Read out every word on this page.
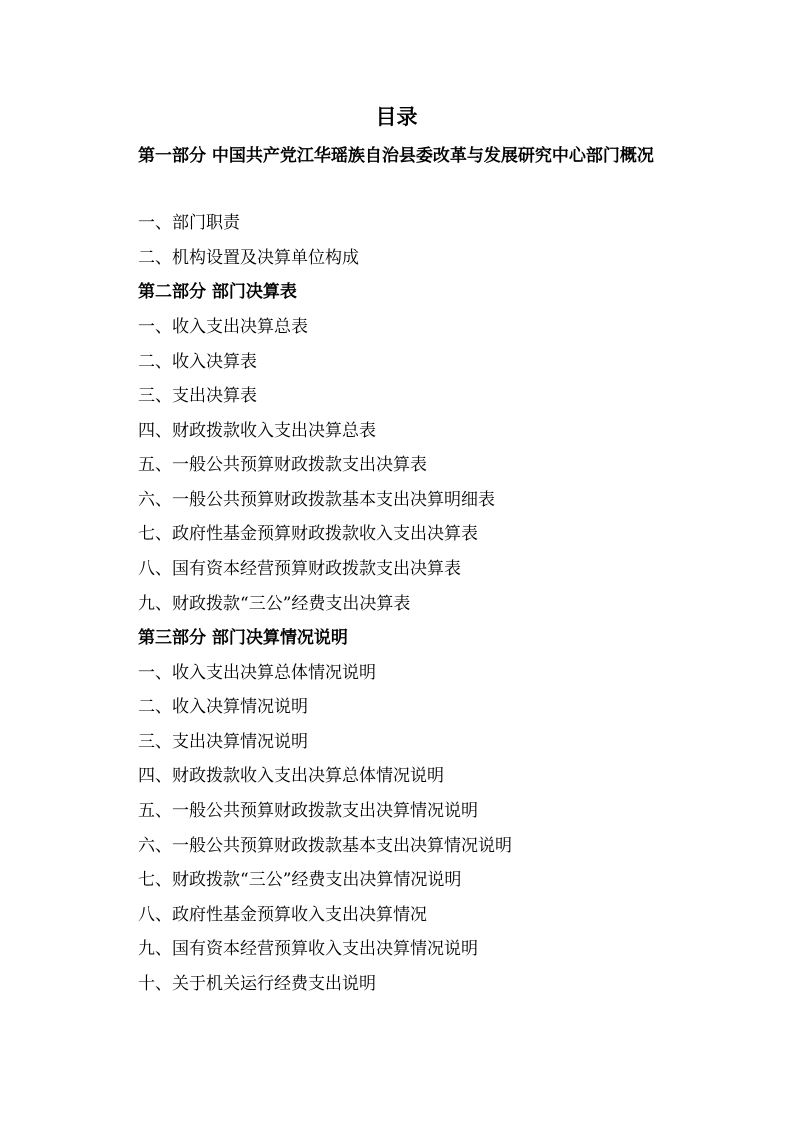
目录
第一部分 中国共产党江华瑶族自治县委改革与发展研究中心部门概况
一、部门职责
二、机构设置及决算单位构成
第二部分 部门决算表
一、收入支出决算总表
二、收入决算表
三、支出决算表
四、财政拨款收入支出决算总表
五、一般公共预算财政拨款支出决算表
六、一般公共预算财政拨款基本支出决算明细表
七、政府性基金预算财政拨款收入支出决算表
八、国有资本经营预算财政拨款支出决算表
九、财政拨款“三公”经费支出决算表
第三部分 部门决算情况说明
一、收入支出决算总体情况说明
二、收入决算情况说明
三、支出决算情况说明
四、财政拨款收入支出决算总体情况说明
五、一般公共预算财政拨款支出决算情况说明
六、一般公共预算财政拨款基本支出决算情况说明
七、财政拨款“三公”经费支出决算情况说明
八、政府性基金预算收入支出决算情况
九、国有资本经营预算收入支出决算情况说明
十、关于机关运行经费支出说明
